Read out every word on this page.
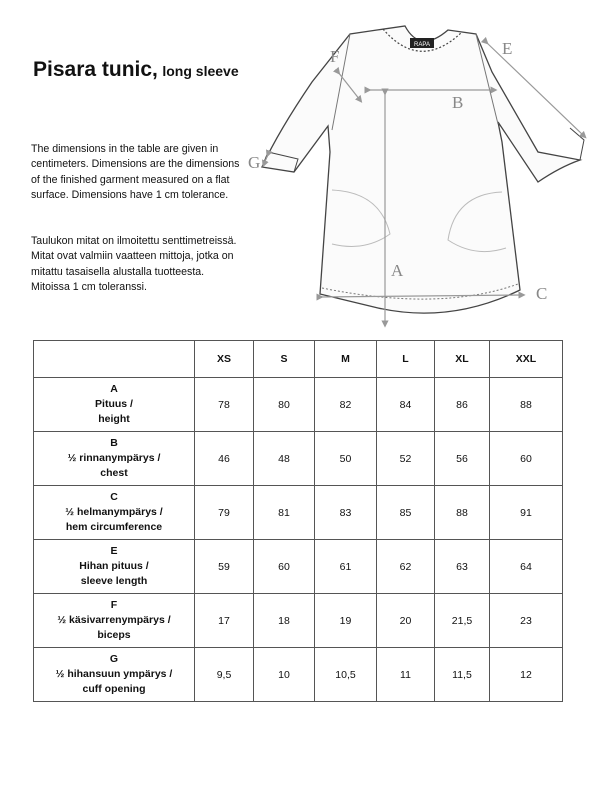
Pisara tunic, long sleeve
The dimensions in the table are given in centimeters. Dimensions are the dimensions of the finished garment measured on a flat surface. Dimensions have 1 cm tolerance.
Taulukon mitat on ilmoitettu senttimetreissä. Mitat ovat valmiin vaatteen mittoja, jotka on mitattu tasaisella alustalla tuotteesta. Mitoissa 1 cm toleranssi.
RAPA
A
B
C
E
F
G
	XS	S	M	L	XL	XXL

A
Pituus /
height	78	80	82	84	86	88

B
½ rinnanympärys /
chest	46	48	50	52	56	60

C
½ helmanympärys /
hem circumference	79	81	83	85	88	91

E
Hihan pituus /
sleeve length	59	60	61	62	63	64

F
½ käsivarrenympärys /
biceps	17	18	19	20	21,5	23

G
½ hihansuun ympärys /
cuff opening	9,5	10	10,5	11	11,5	12
